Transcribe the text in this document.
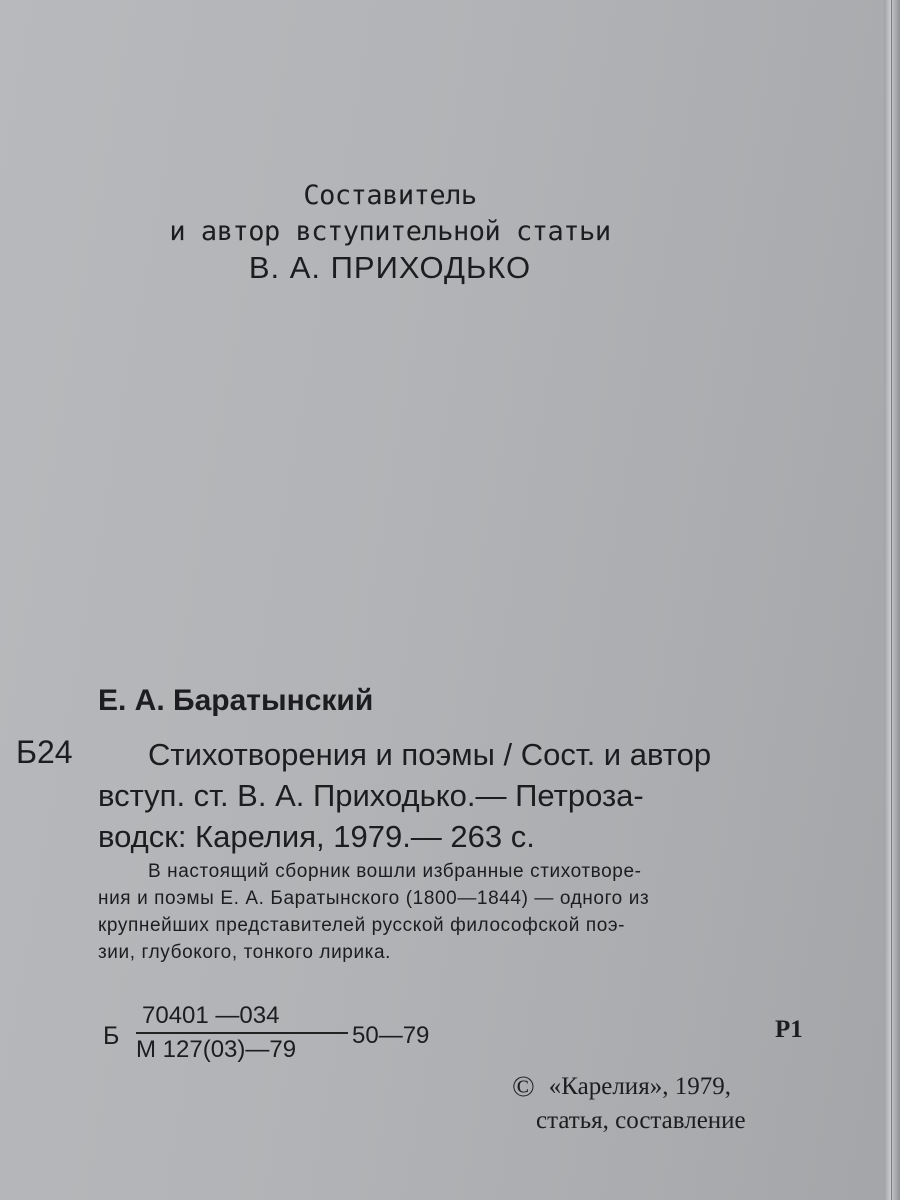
Составитель
и автор вступительной статьи
В. А. ПРИХОДЬКО
Е. А. Баратынский
Б24	Стихотворения и поэмы / Сост. и автор
вступ. ст. В. А. Приходько.— Петроза-
водск: Карелия, 1979.— 263 с.
В настоящий сборник вошли избранные стихотворе-
ния и поэмы Е. А. Баратынского (1800—1844) — одного из
крупнейших представителей русской философской поэ-
зии, глубокого, тонкого лирика.
Б
70401 —034
М 127(03)—79
50—79	Р1
© «Карелия», 1979,
статья, составление
